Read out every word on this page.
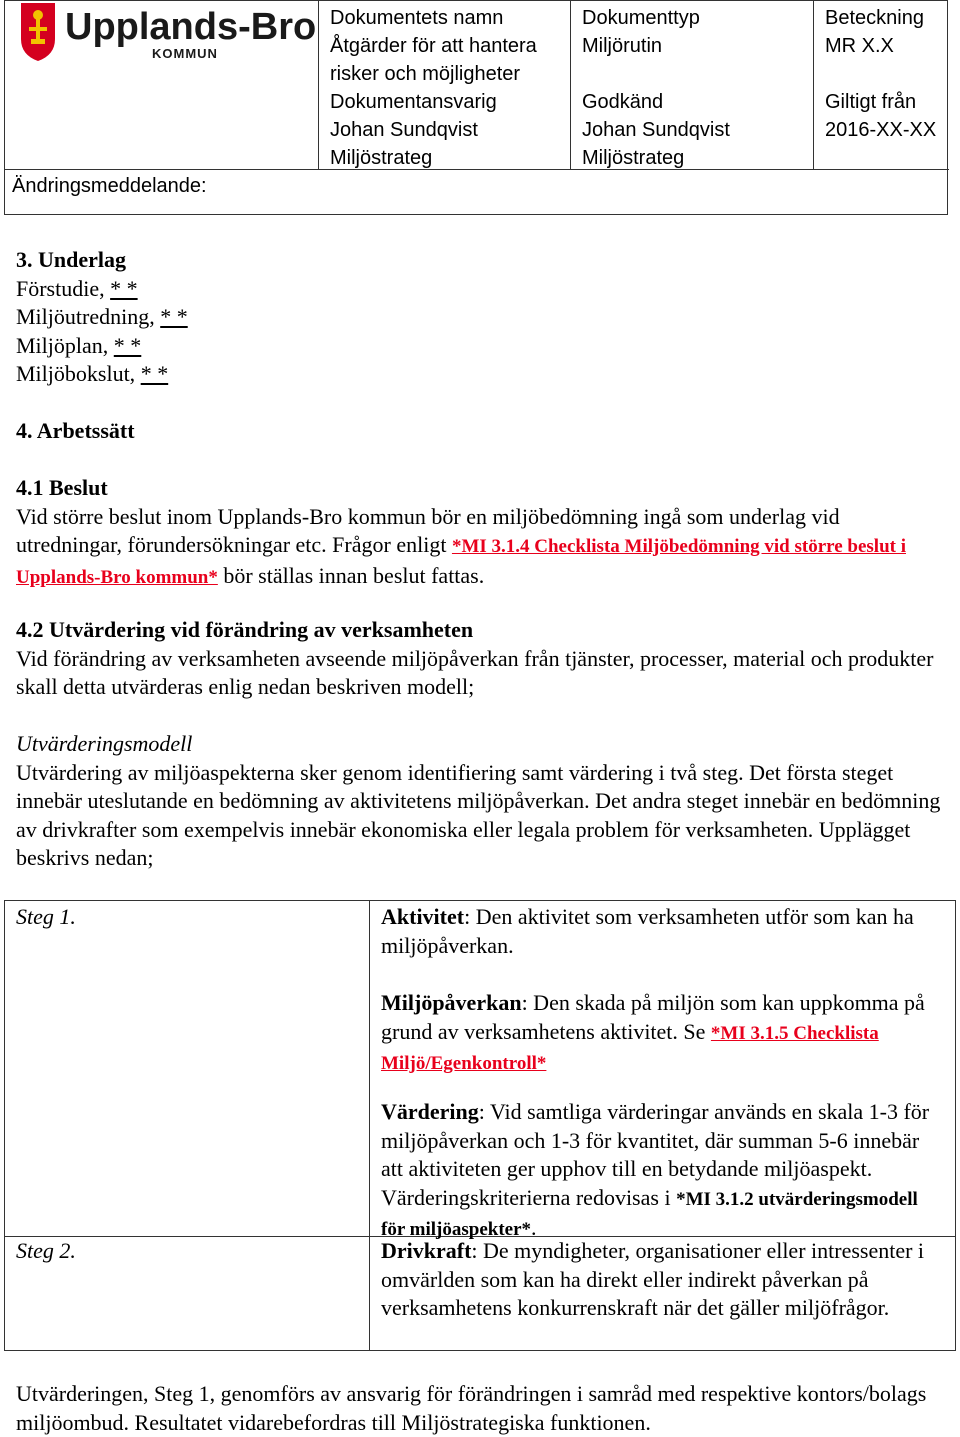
Upplands-Bro
KOMMUN
Dokumentets namn
Åtgärder för att hantera risker och möjligheter
Dokumenttyp
Miljörutin
Beteckning
MR X.X
Dokumentansvarig
Johan Sundqvist
Miljöstrateg
Godkänd
Johan Sundqvist
Miljöstrateg
Giltigt från
2016-XX-XX
Ändringsmeddelande:
3. Underlag
Förstudie, * *
Miljöutredning, * *
Miljöplan, * *
Miljöbokslut, * *
4. Arbetssätt
4.1 Beslut
Vid större beslut inom Upplands-Bro kommun bör en miljöbedömning ingå som underlag vid utredningar, förundersökningar etc. Frågor enligt *MI 3.1.4 Checklista Miljöbedömning vid större beslut i Upplands-Bro kommun* bör ställas innan beslut fattas.
4.2 Utvärdering vid förändring av verksamheten
Vid förändring av verksamheten avseende miljöpåverkan från tjänster, processer, material och produkter skall detta utvärderas enlig nedan beskriven modell;
Utvärderingsmodell
Utvärdering av miljöaspekterna sker genom identifiering samt värdering i två steg. Det första steget innebär uteslutande en bedömning av aktivitetens miljöpåverkan. Det andra steget innebär en bedömning av drivkrafter som exempelvis innebär ekonomiska eller legala problem för verksamheten. Upplägget beskrivs nedan;
Steg 1.
Steg 2.
Aktivitet: Den aktivitet som verksamheten utför som kan ha miljöpåverkan.
Miljöpåverkan: Den skada på miljön som kan uppkomma på grund av verksamhetens aktivitet. Se *MI 3.1.5 Checklista Miljö/Egenkontroll*
Värdering: Vid samtliga värderingar används en skala 1-3 för miljöpåverkan och 1-3 för kvantitet, där summan 5-6 innebär att aktiviteten ger upphov till en betydande miljöaspekt. Värderingskriterierna redovisas i *MI 3.1.2 utvärderingsmodell för miljöaspekter*.
Drivkraft: De myndigheter, organisationer eller intressenter i omvärlden som kan ha direkt eller indirekt påverkan på verksamhetens konkurrenskraft när det gäller miljöfrågor.
Utvärderingen, Steg 1, genomförs av ansvarig för förändringen i samråd med respektive kontors/bolags miljöombud. Resultatet vidarebefordras till Miljöstrategiska funktionen.
